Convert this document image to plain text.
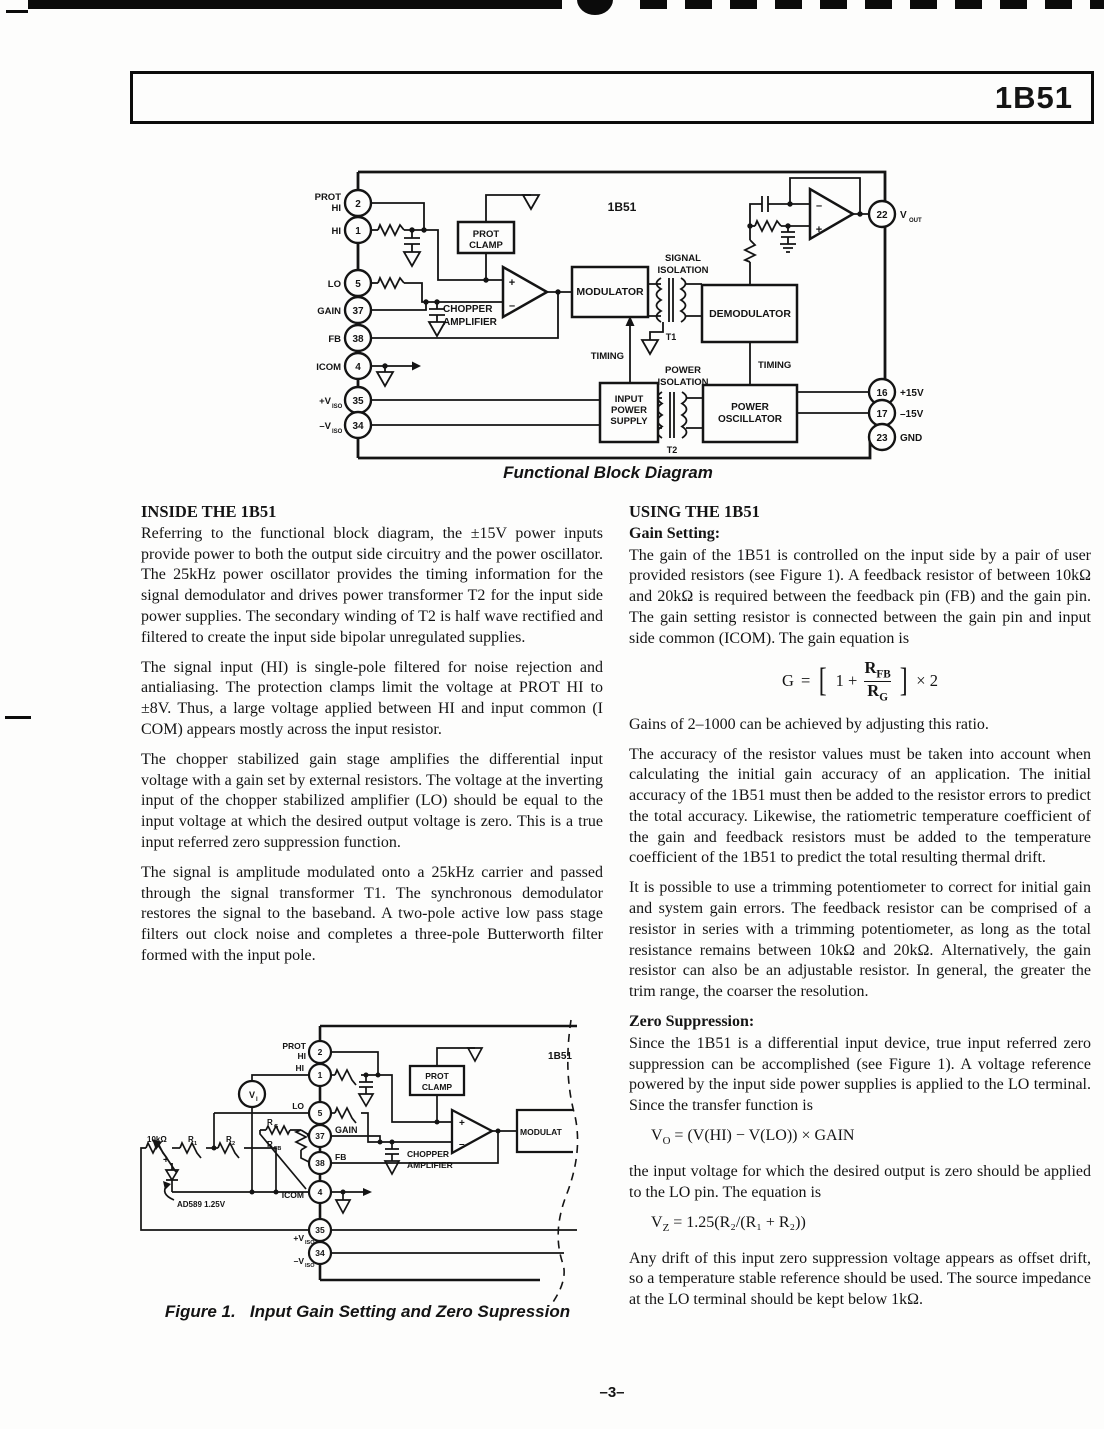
1B51
2
1
5
37
38
4
35
34
22
16
17
23
PROT
HI
HI
LO
GAIN
FB
ICOM
+V ISO
–V ISO
V OUT
+15V
–15V
GND
PROT
CLAMP
CHOPPER
AMPLIFIER
MODULATOR
DEMODULATOR
SIGNAL
ISOLATION
POWER
ISOLATION
TIMING
TIMING
INPUT
POWER
SUPPLY
POWER
OSCILLATOR
T1
T2
+
–
–
+
1B51
Functional Block Diagram
INSIDE THE 1B51

Referring to the functional block diagram, the ±15V power inputs provide power to both the output side circuitry and the power oscillator. The 25kHz power oscillator provides the timing information for the signal demodulator and drives power transformer T2 for the input side power supplies. The secondary winding of T2 is half wave rectified and filtered to create the input side bipolar unregulated supplies.

The signal input (HI) is single-pole filtered for noise rejection and antialiasing. The protection clamps limit the voltage at PROT HI to ±8V. Thus, a large voltage applied between HI and input common (I COM) appears mostly across the input resistor.

The chopper stabilized gain stage amplifies the differential input voltage with a gain set by external resistors. The voltage at the inverting input of the chopper stabilized amplifier (LO) should be equal to the input voltage at which the desired output voltage is zero. This is a true input referred zero suppression function.

The signal is amplitude modulated onto a 25kHz carrier and passed through the signal transformer T1. The synchronous demodulator restores the signal to the baseband. A two-pole active low pass stage filters out clock noise and completes a three-pole Butterworth filter formed with the input pole.

USING THE 1B51
Gain Setting:

The gain of the 1B51 is controlled on the input side by a pair of user provided resistors (see Figure 1). A feedback resistor of between 10kΩ and 20kΩ is required between the feedback pin (FB) and the gain pin. The gain setting resistor is connected between the gain pin and input side common (ICOM). The gain equation is

G = [ $1 + \frac{R_{FB}}{R_G}$ ] × 2

Gains of 2–1000 can be achieved by adjusting this ratio.

The accuracy of the resistor values must be taken into account when calculating the initial gain accuracy of an application. The initial accuracy of the 1B51 must then be added to the resistor errors to predict the total accuracy. Likewise, the ratiometric temperature coefficient of the gain and feedback resistors must be added to the temperature coefficient of the 1B51 to predict the total resulting thermal drift.

It is possible to use a trimming potentiometer to correct for initial gain and system gain errors. The feedback resistor can be comprised of a resistor in series with a trimming potentiometer, as long as the total resistance remains between 10kΩ and 20kΩ. Alternatively, the gain resistor can also be an adjustable resistor. In general, the greater the trim range, the coarser the resolution.

Zero Suppression:

Since the 1B51 is a differential input device, true input referred zero suppression can be accomplished (see Figure 1). A voltage reference powered by the input side power supplies is applied to the LO terminal. Since the transfer function is

$V_O = (V(HI) - V(LO))$ × GAIN

the input voltage for which the desired output is zero should be applied to the LO pin. The equation is

$V_Z = 1.25(R_2/(R_1 + R_2))$

Any drift of this input zero suppression voltage appears as offset drift, so a temperature stable reference should be used. The source impedance at the LO terminal should be kept below 1kΩ.

2
1
5
37
38
4
35
34
PROT
HI
HI
LO
GAIN
FB
ICOM
+V ISO
–V ISO
V I
10kΩ	R 1	R 2
R G
R FB
+
AD589 1.25V
PROT
CLAMP
CHOPPER
AMPLIFIER
MODULAT
+
–
1B51
Figure 1. Input Gain Setting and Zero Supression
–3–
